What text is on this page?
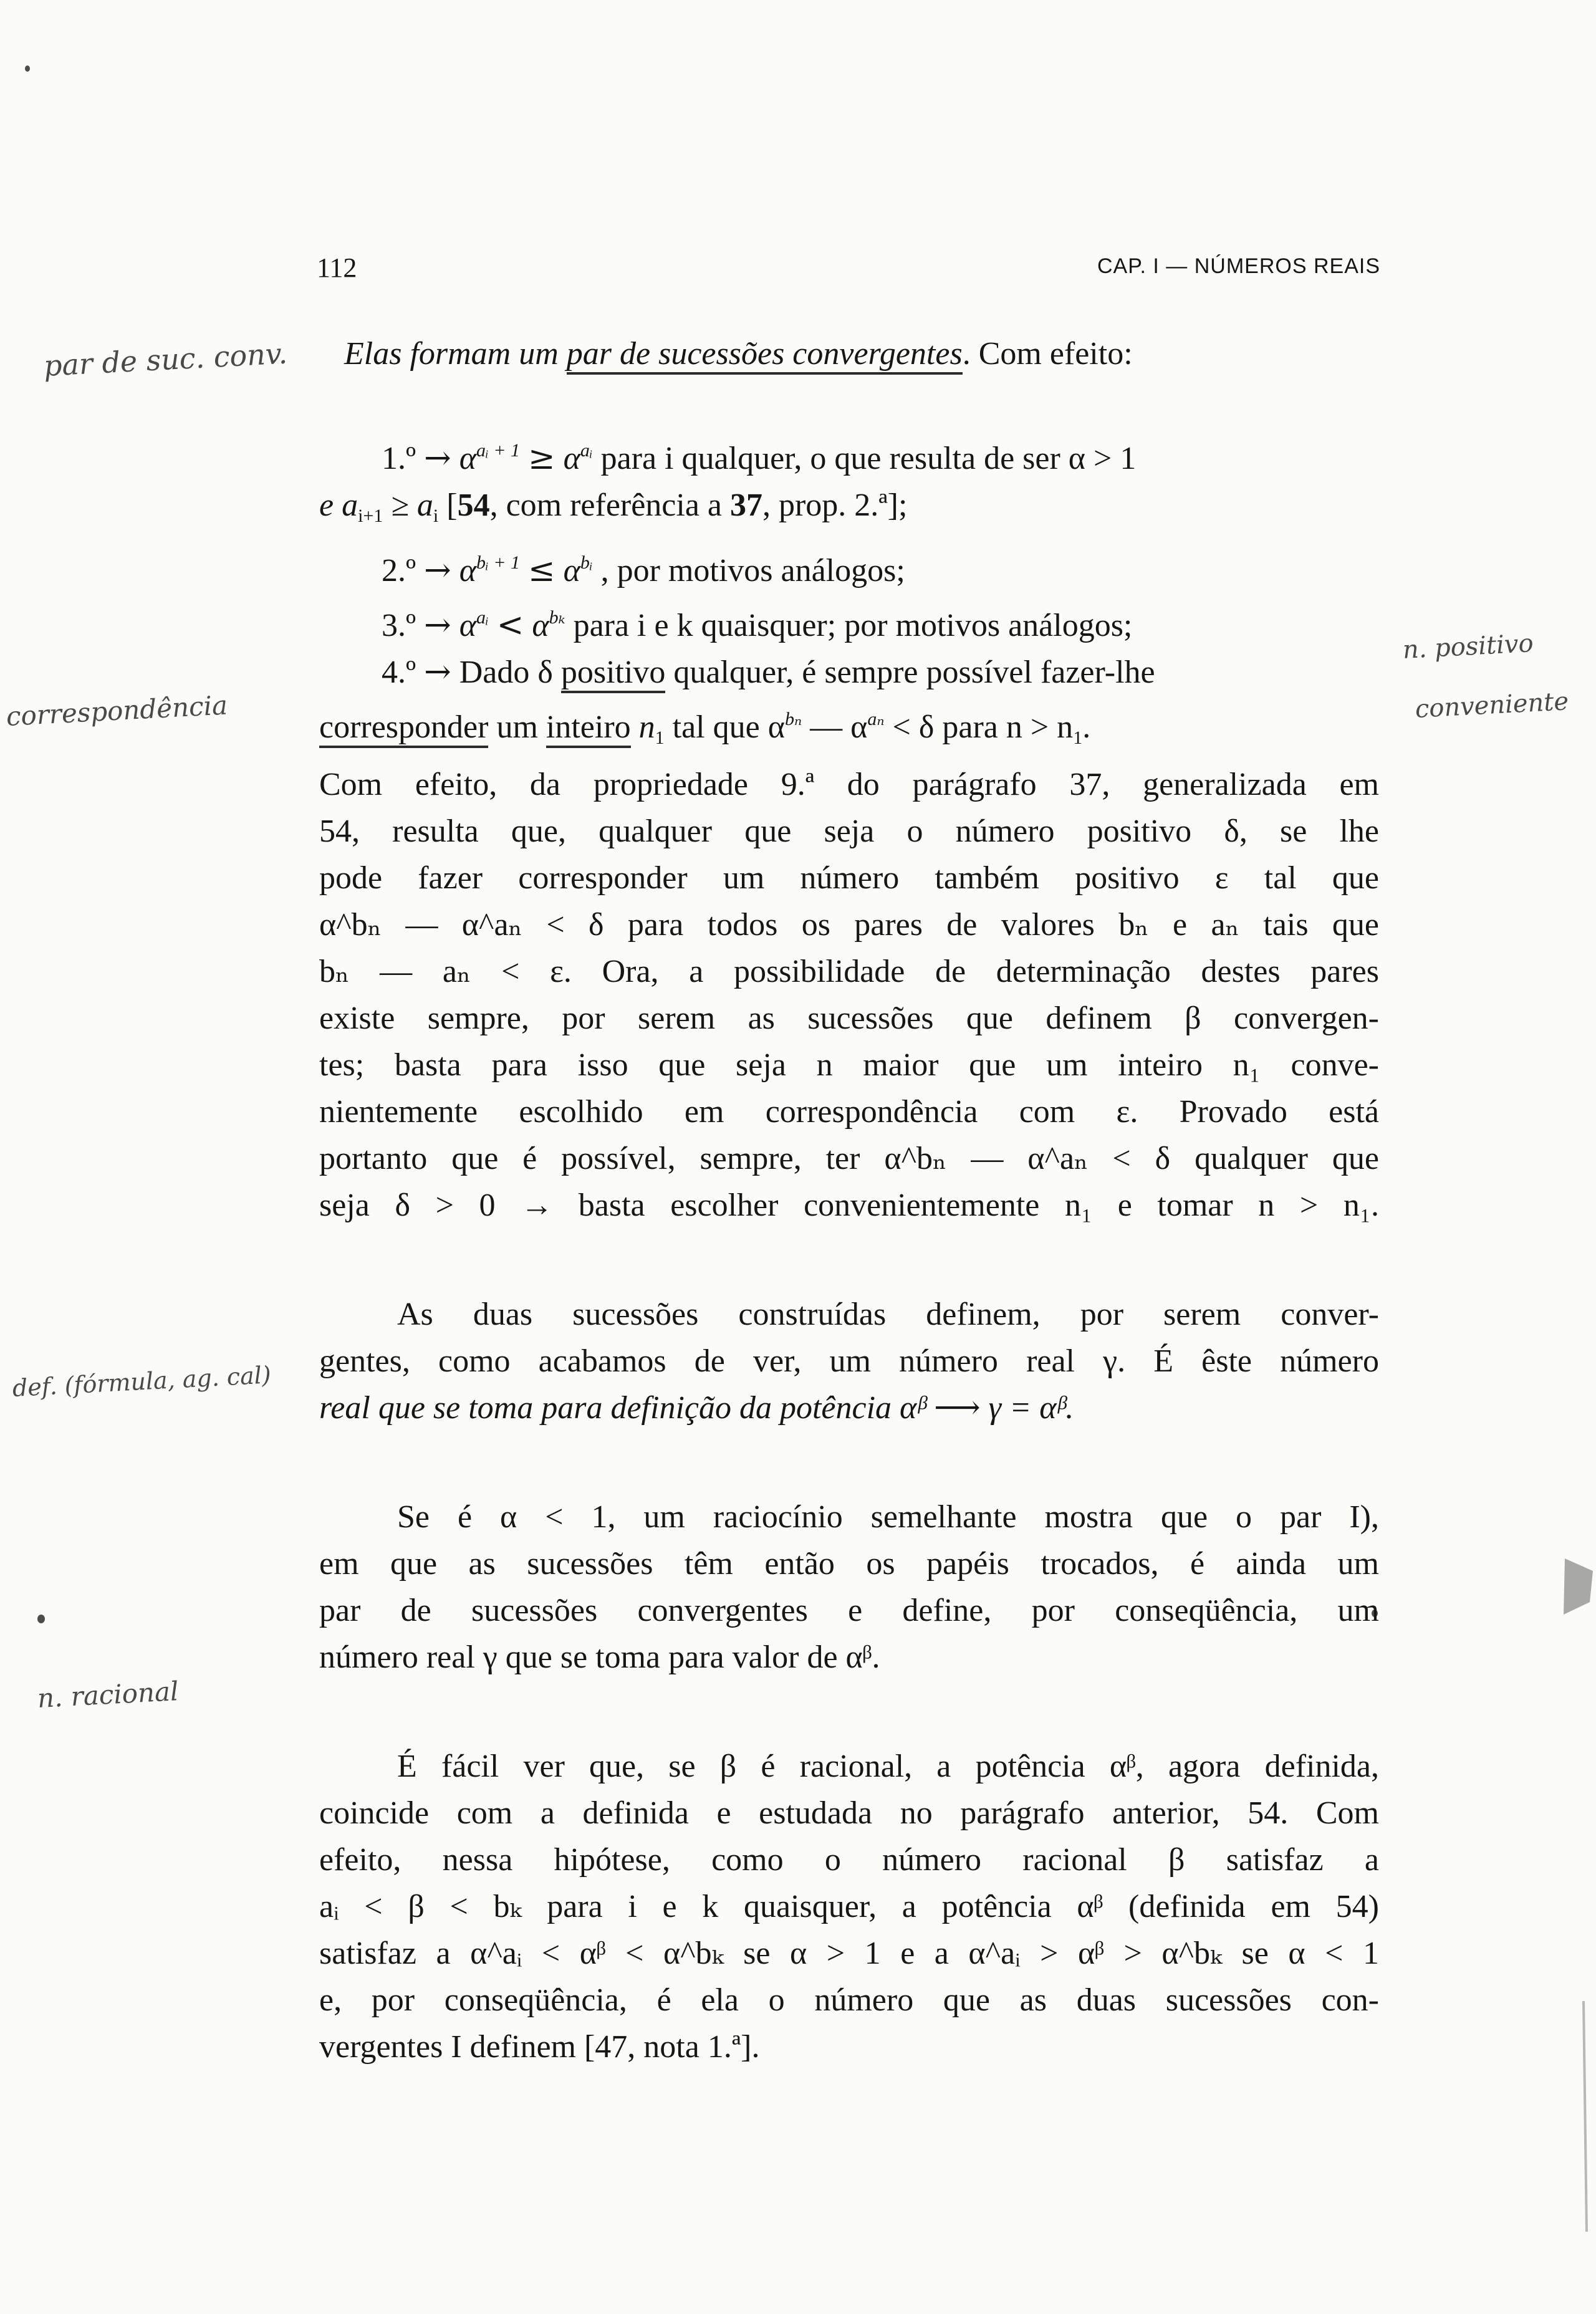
112	CAP. I — NÚMEROS REAIS
par de suc. conv.
correspondência
n. positivo
conveniente
def. (fórmula, ag. cal)
n. racional
Elas formam um par de sucessões convergentes. Com efeito:
1.º → $\alpha^{aᵢ + 1} \ge \alpha^{aᵢ}$ para i qualquer, o que resulta de ser α > 1
e $a_{i+1} \ge a_i$ [54, com referência a 37, prop. 2.ª];
2.º → $\alpha^{bᵢ + 1} \le \alpha^{bᵢ}$ , por motivos análogos;
3.º → $\alpha^{aᵢ} < \alpha^{b_k}$ para i e k quaisquer; por motivos análogos;
4.º → Dado δ positivo qualquer, é sempre possível fazer-lhe
corresponder um inteiro $n_1$ tal que $\alpha^{b_n}$ — $\alpha^{a_n} < \delta$ para $n > n_1$.
Com efeito, da propriedade 9.ª do parágrafo 37, generalizada em
54, resulta que, qualquer que seja o número positivo δ, se lhe
pode fazer corresponder um número também positivo ε tal que
α^bₙ — α^aₙ < δ para todos os pares de valores bₙ e aₙ tais que
bₙ — aₙ < ε. Ora, a possibilidade de determinação destes pares
existe sempre, por serem as sucessões que definem β convergen-
tes; basta para isso que seja n maior que um inteiro n₁ conve-
nientemente escolhido em correspondência com ε. Provado está
portanto que é possível, sempre, ter α^bₙ — α^aₙ < δ qualquer que
seja δ > 0 → basta escolher convenientemente n₁ e tomar n > n₁.
As duas sucessões construídas definem, por serem conver-
gentes, como acabamos de ver, um número real γ. É êste número
real que se toma para definição da potência αᵝ ⟶ γ = αᵝ.
Se é α < 1, um raciocínio semelhante mostra que o par I),
em que as sucessões têm então os papéis trocados, é ainda um
par de sucessões convergentes e define, por conseqüência, um
número real γ que se toma para valor de αᵝ.
É fácil ver que, se β é racional, a potência αᵝ, agora definida,
coincide com a definida e estudada no parágrafo anterior, 54. Com
efeito, nessa hipótese, como o número racional β satisfaz a
aᵢ < β < bₖ para i e k quaisquer, a potência αᵝ (definida em 54)
satisfaz a α^aᵢ < αᵝ < α^bₖ se α > 1 e a α^aᵢ > αᵝ > α^bₖ se α < 1
e, por conseqüência, é ela o número que as duas sucessões con-
vergentes I definem [47, nota 1.ª].
